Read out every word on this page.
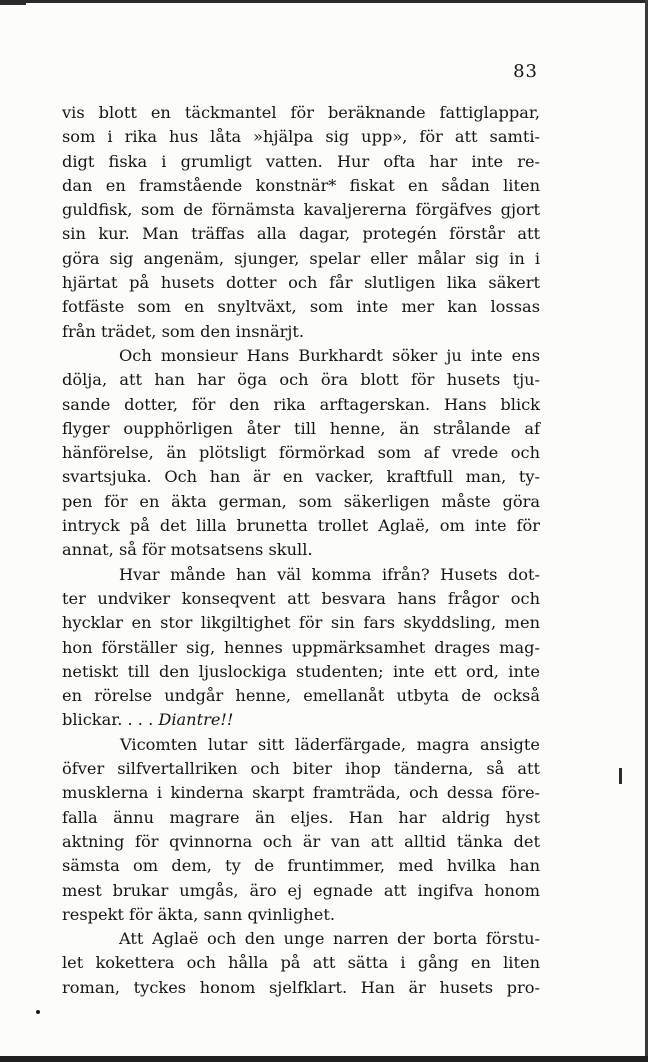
83
vis blott en täckmantel för beräknande fattiglappar,
som i rika hus låta »hjälpa sig upp», för att samti-
digt fiska i grumligt vatten. Hur ofta har inte re-
dan en framstående konstnär* fiskat en sådan liten
guldfisk, som de förnämsta kavaljererna förgäfves gjort
sin kur. Man träffas alla dagar, protegén förstår att
göra sig angenäm, sjunger, spelar eller målar sig in i
hjärtat på husets dotter och får slutligen lika säkert
fotfäste som en snyltväxt, som inte mer kan lossas
från trädet, som den insnärjt.
Och monsieur Hans Burkhardt söker ju inte ens
dölja, att han har öga och öra blott för husets tju-
sande dotter, för den rika arftagerskan. Hans blick
flyger oupphörligen åter till henne, än strålande af
hänförelse, än plötsligt förmörkad som af vrede och
svartsjuka. Och han är en vacker, kraftfull man, ty-
pen för en äkta german, som säkerligen måste göra
intryck på det lilla brunetta trollet Aglaë, om inte för
annat, så för motsatsens skull.
Hvar månde han väl komma ifrån? Husets dot-
ter undviker konseqvent att besvara hans frågor och
hycklar en stor likgiltighet för sin fars skyddsling, men
hon förställer sig, hennes uppmärksamhet drages mag-
netiskt till den ljuslockiga studenten; inte ett ord, inte
en rörelse undgår henne, emellanåt utbyta de också
blickar. . . . Diantre!!
Vicomten lutar sitt läderfärgade, magra ansigte
öfver silfvertallriken och biter ihop tänderna, så att
musklerna i kinderna skarpt framträda, och dessa före-
falla ännu magrare än eljes. Han har aldrig hyst
aktning för qvinnorna och är van att alltid tänka det
sämsta om dem, ty de fruntimmer, med hvilka han
mest brukar umgås, äro ej egnade att ingifva honom
respekt för äkta, sann qvinlighet.
Att Aglaë och den unge narren der borta förstu-
let kokettera och hålla på att sätta i gång en liten
roman, tyckes honom sjelfklart. Han är husets pro-
